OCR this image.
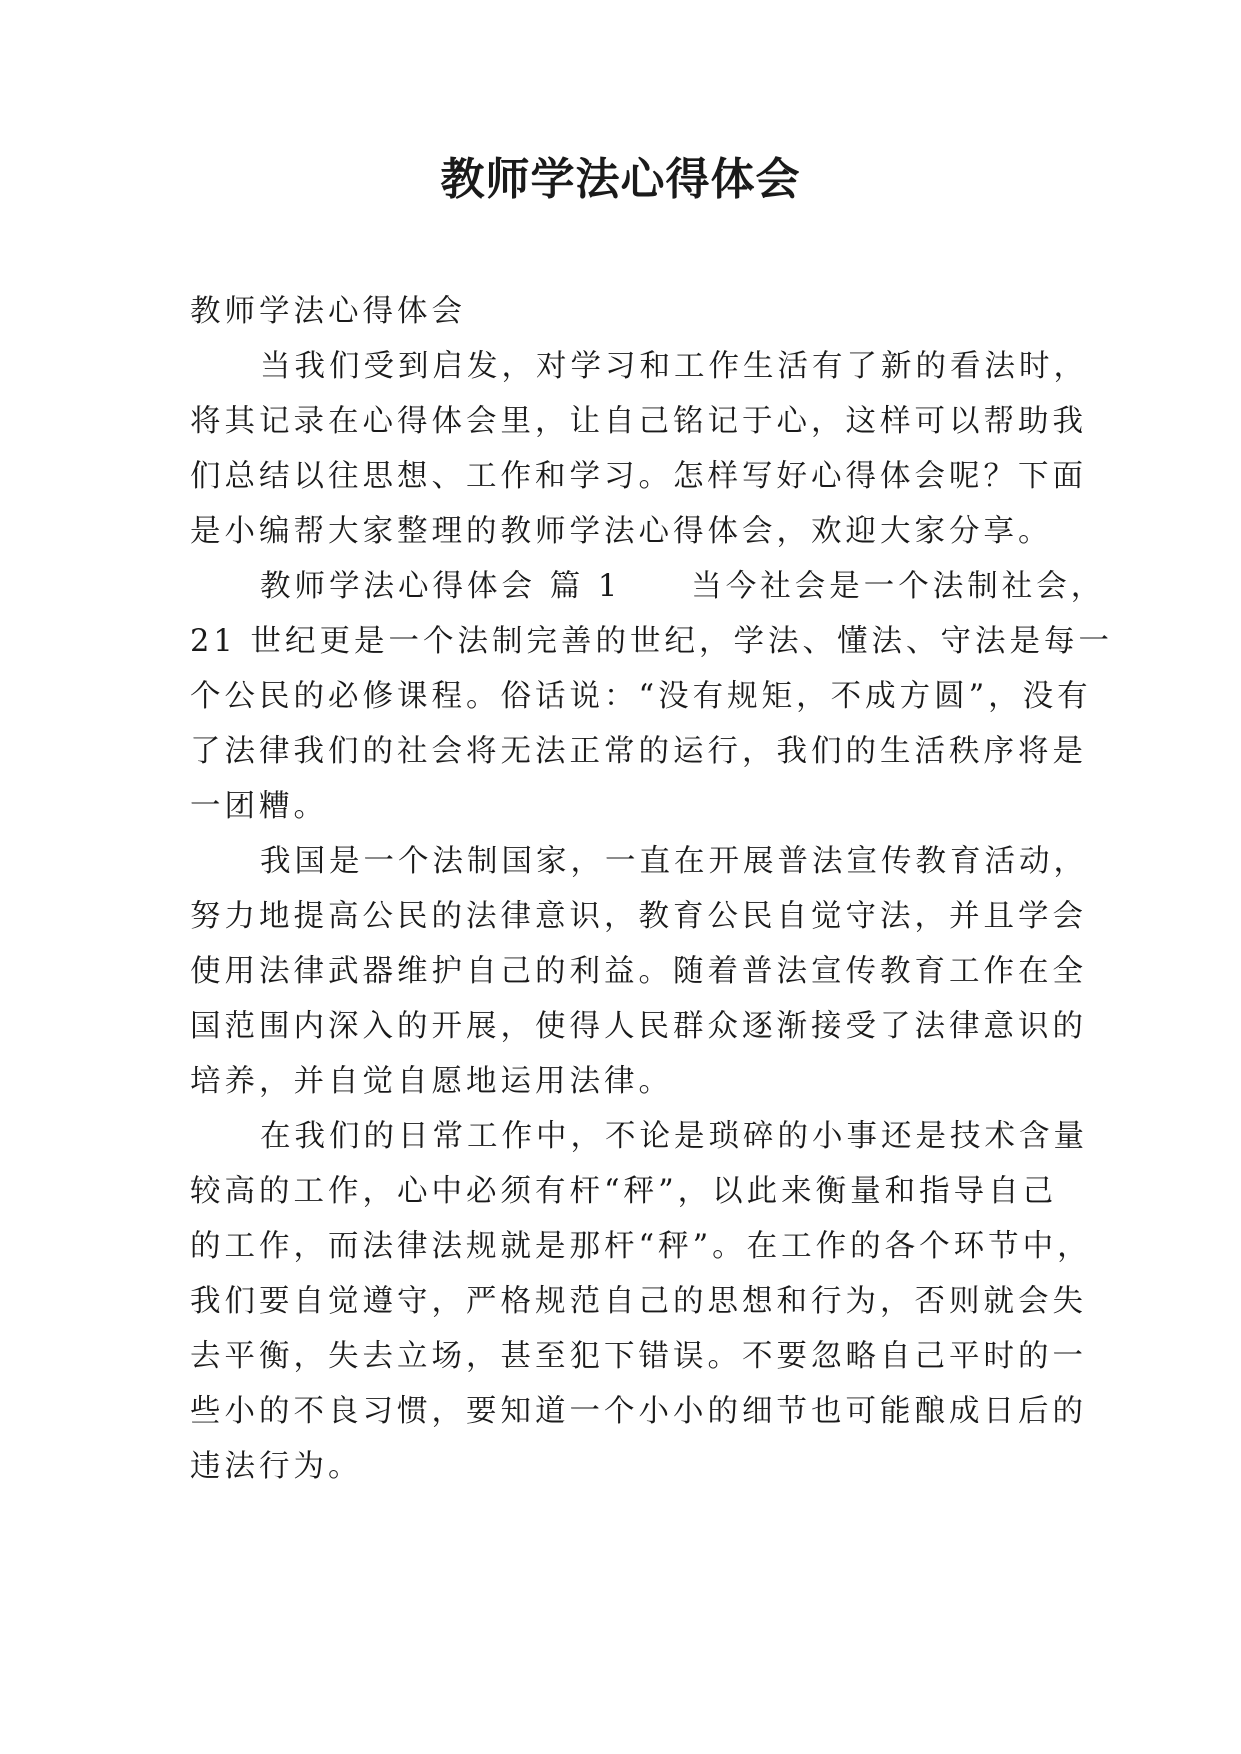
教师学法心得体会

教师学法心得体会

当我们受到启发，对学习和工作生活有了新的看法时，
将其记录在心得体会里，让自己铭记于心，这样可以帮助我
们总结以往思想、工作和学习。怎样写好心得体会呢？下面
是小编帮大家整理的教师学法心得体会，欢迎大家分享。
教师学法心得体会 篇 1 当今社会是一个法制社会，
21 世纪更是一个法制完善的世纪，学法、懂法、守法是每一
个公民的必修课程。俗话说：“没有规矩，不成方圆”，没有
了法律我们的社会将无法正常的运行，我们的生活秩序将是
一团糟。
我国是一个法制国家，一直在开展普法宣传教育活动，
努力地提高公民的法律意识，教育公民自觉守法，并且学会
使用法律武器维护自己的利益。随着普法宣传教育工作在全
国范围内深入的开展，使得人民群众逐渐接受了法律意识的
培养，并自觉自愿地运用法律。
在我们的日常工作中，不论是琐碎的小事还是技术含量
较高的工作，心中必须有杆“秤”，以此来衡量和指导自己
的工作，而法律法规就是那杆“秤”。在工作的各个环节中，
我们要自觉遵守，严格规范自己的思想和行为，否则就会失
去平衡，失去立场，甚至犯下错误。不要忽略自己平时的一
些小的不良习惯，要知道一个小小的细节也可能酿成日后的
违法行为。
